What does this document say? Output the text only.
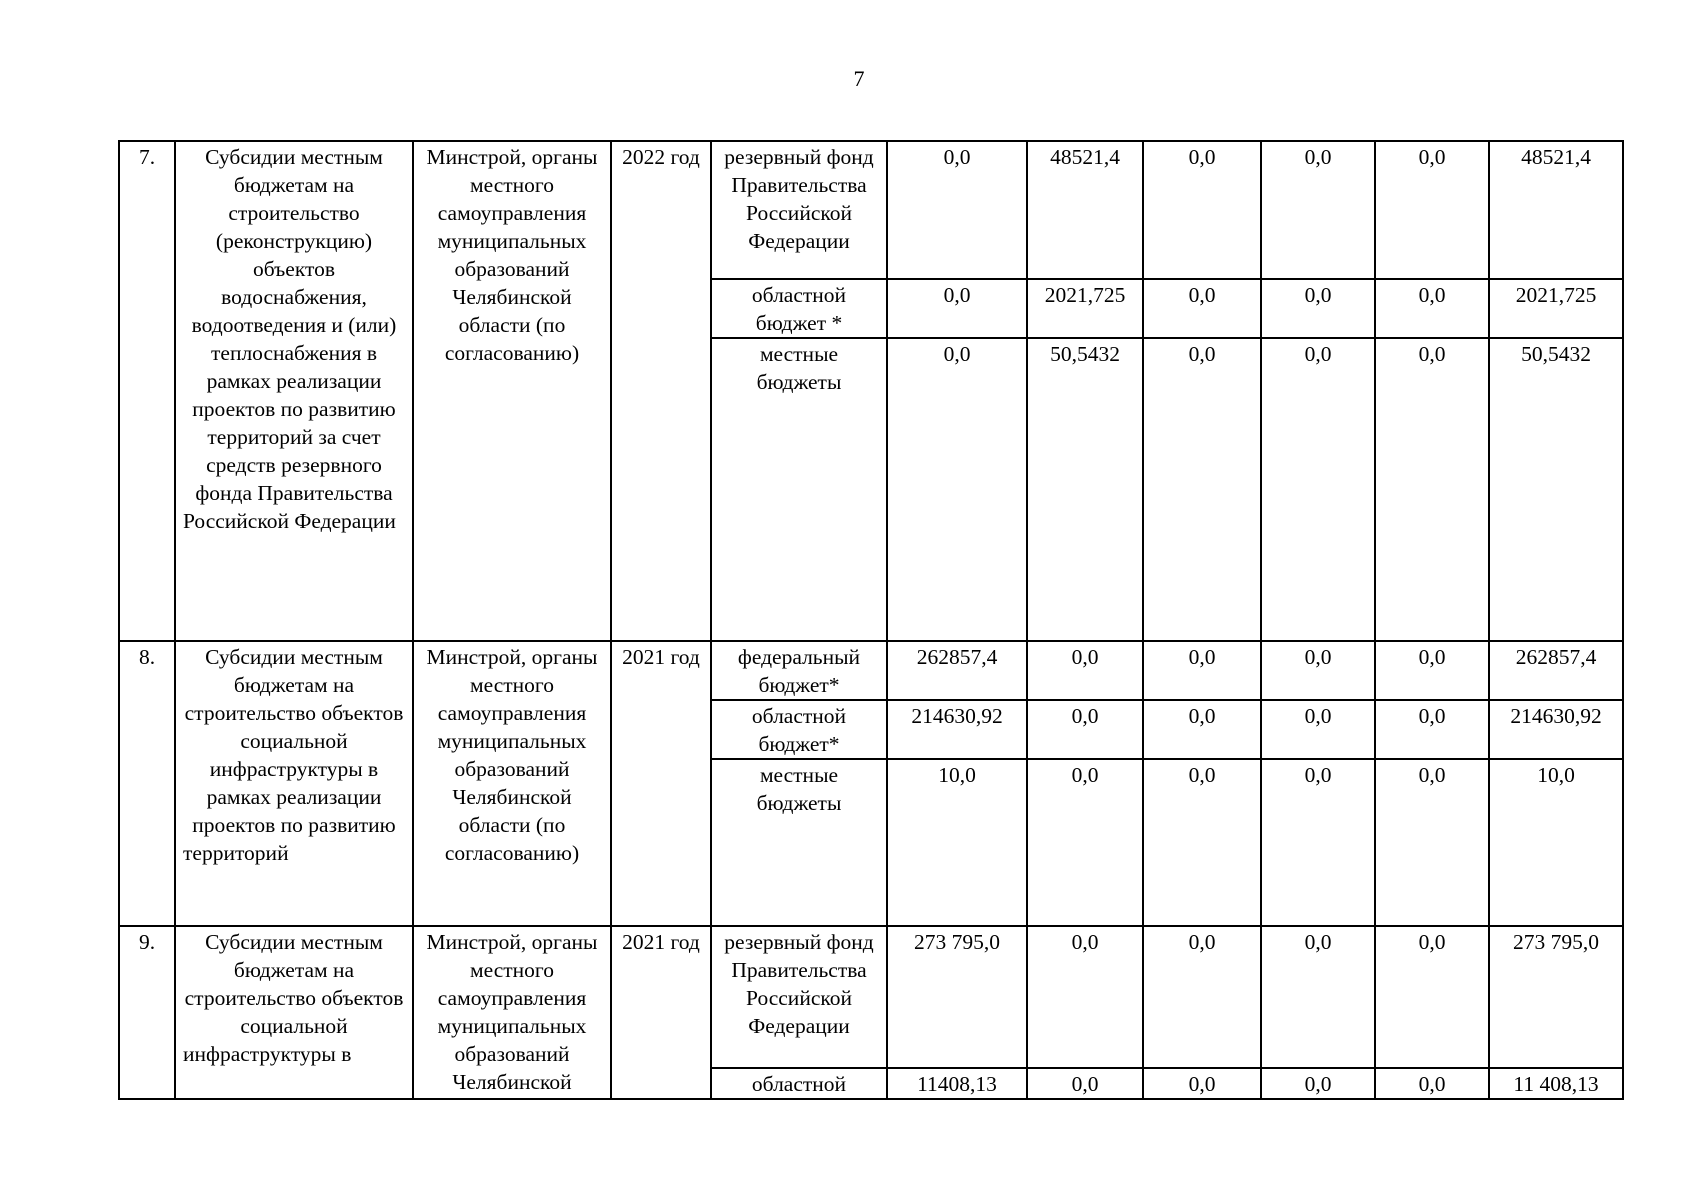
7
7.	Субсидии местным бюджетам на строительство (реконструкцию) объектов водоснабжения, водоотведения и (или) теплоснабжения в рамках реализации проектов по развитию территорий за счет средств резервного фонда Правительства Российской Федерации	Минстрой, органы местного самоуправления муниципальных образований Челябинской области (по согласованию)	2022 год	резервный фонд Правительства Российской Федерации	0,0	48521,4	0,0	0,0	0,0	48521,4
				областной бюджет *	0,0	2021,725	0,0	0,0	0,0	2021,725
				местные бюджеты	0,0	50,5432	0,0	0,0	0,0	50,5432
8.	Субсидии местным бюджетам на строительство объектов социальной инфраструктуры в рамках реализации проектов по развитию территорий	Минстрой, органы местного самоуправления муниципальных образований Челябинской области (по согласованию)	2021 год	федеральный бюджет*	262857,4	0,0	0,0	0,0	0,0	262857,4
				областной бюджет*	214630,92	0,0	0,0	0,0	0,0	214630,92
				местные бюджеты	10,0	0,0	0,0	0,0	0,0	10,0
9.	Субсидии местным бюджетам на строительство объектов социальной инфраструктуры в	Минстрой, органы местного самоуправления муниципальных образований Челябинской	2021 год	резервный фонд Правительства Российской Федерации	273 795,0	0,0	0,0	0,0	0,0	273 795,0
				областной	11408,13	0,0	0,0	0,0	0,0	11 408,13
